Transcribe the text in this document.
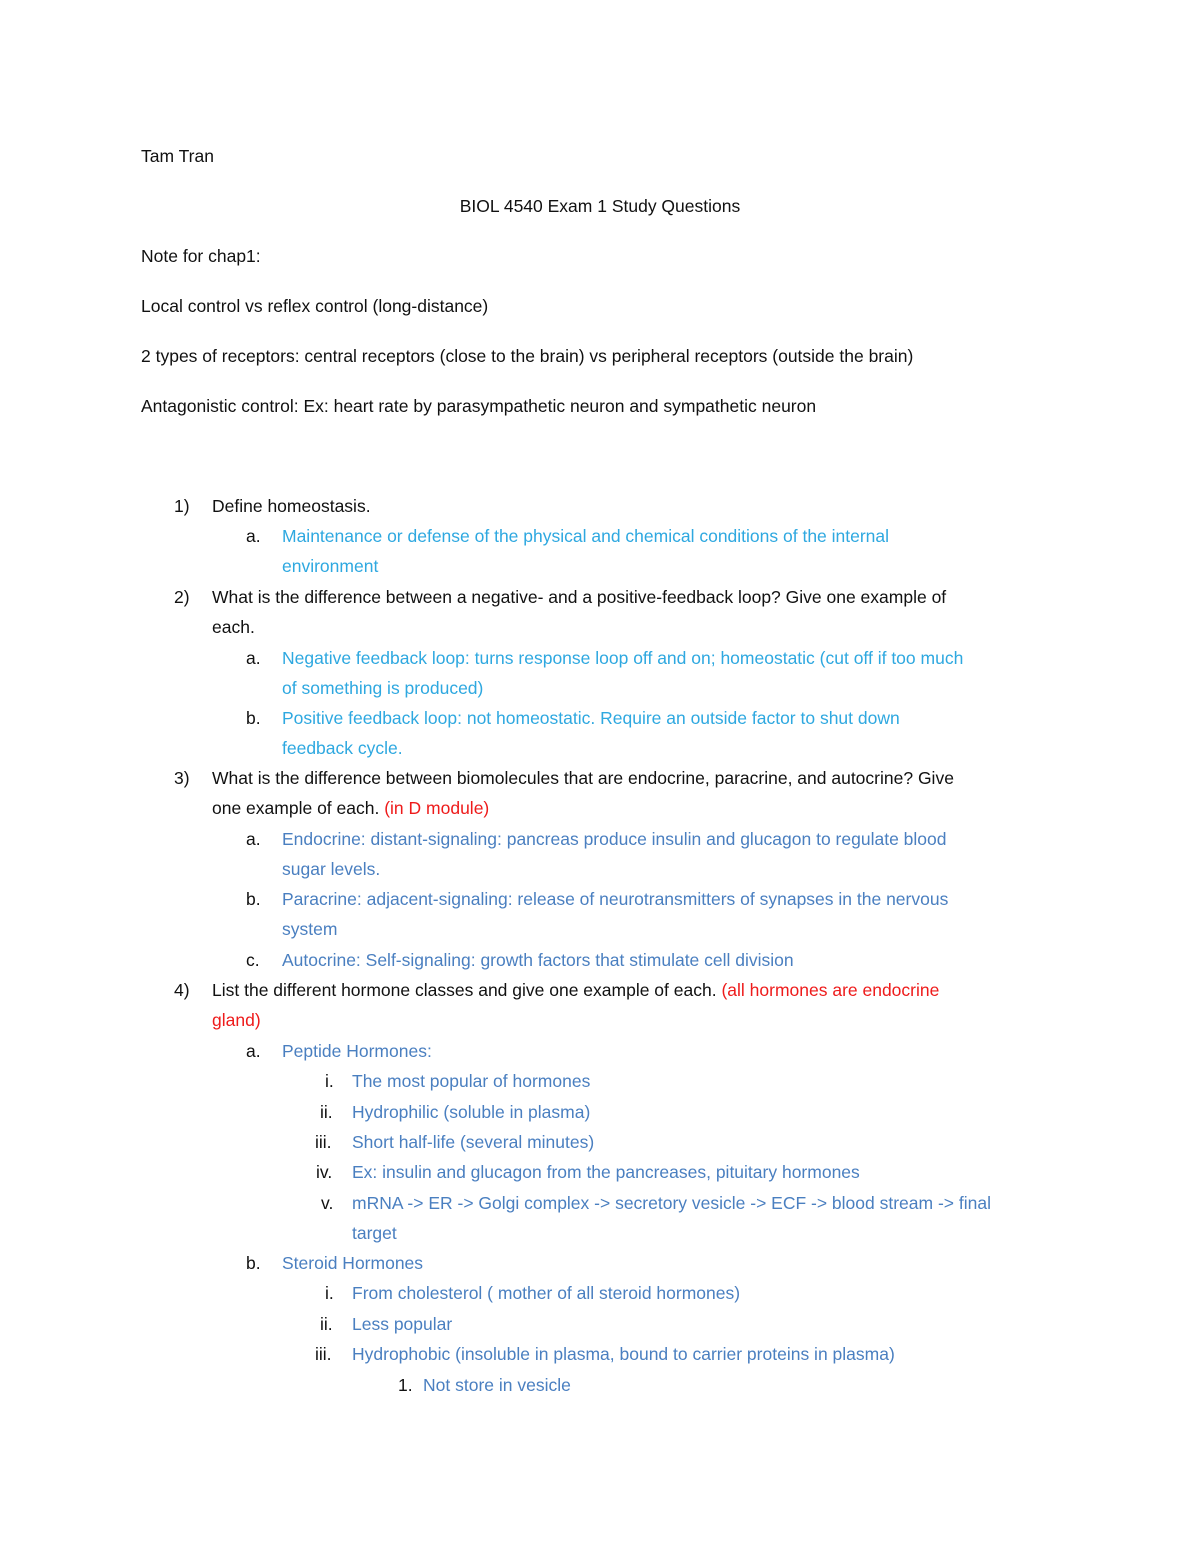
Tam Tran
BIOL 4540 Exam 1 Study Questions
Note for chap1:
Local control vs reflex control (long-distance)
2 types of receptors: central receptors (close to the brain) vs peripheral receptors (outside the brain)
Antagonistic control: Ex: heart rate by parasympathetic neuron and sympathetic neuron
1) Define homeostasis.
a. Maintenance or defense of the physical and chemical conditions of the internal
environment
2) What is the difference between a negative- and a positive-feedback loop? Give one example of
each.
a. Negative feedback loop: turns response loop off and on; homeostatic (cut off if too much
of something is produced)
b. Positive feedback loop: not homeostatic. Require an outside factor to shut down
feedback cycle.
3) What is the difference between biomolecules that are endocrine, paracrine, and autocrine? Give
one example of each. (in D module)
a. Endocrine: distant-signaling: pancreas produce insulin and glucagon to regulate blood
sugar levels.
b. Paracrine: adjacent-signaling: release of neurotransmitters of synapses in the nervous
system
c. Autocrine: Self-signaling: growth factors that stimulate cell division
4) List the different hormone classes and give one example of each. (all hormones are endocrine
gland)
a. Peptide Hormones:
i. The most popular of hormones
ii. Hydrophilic (soluble in plasma)
iii. Short half-life (several minutes)
iv. Ex: insulin and glucagon from the pancreases, pituitary hormones
v. mRNA -> ER -> Golgi complex -> secretory vesicle -> ECF -> blood stream -> final
target
b. Steroid Hormones
i. From cholesterol ( mother of all steroid hormones)
ii. Less popular
iii. Hydrophobic (insoluble in plasma, bound to carrier proteins in plasma)
1. Not store in vesicle
